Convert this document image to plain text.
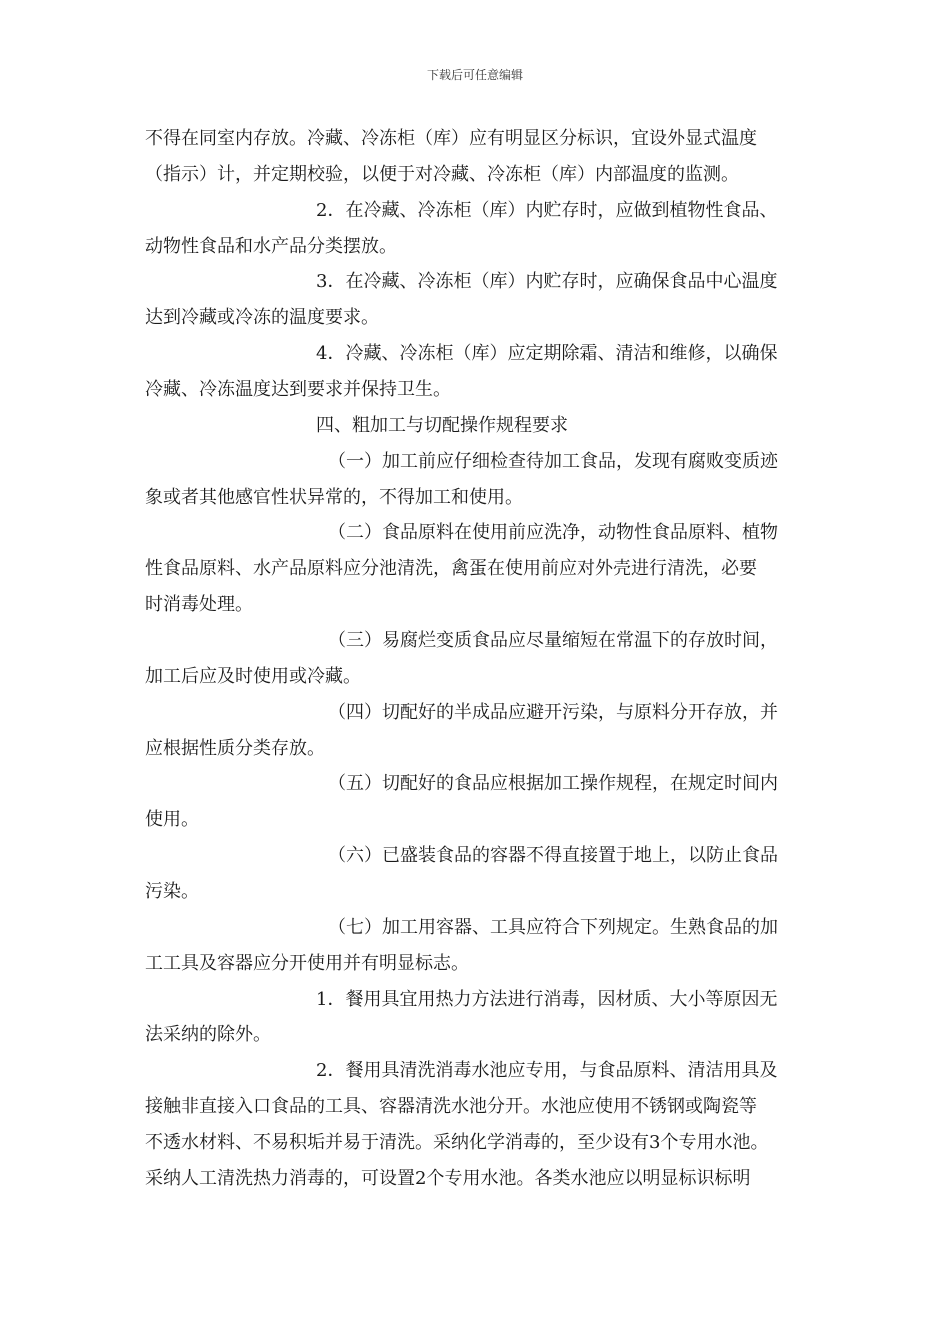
下载后可任意编辑
不得在同室内存放。冷藏、冷冻柜（库）应有明显区分标识，宜设外显式温度
（指示）计，并定期校验，以便于对冷藏、冷冻柜（库）内部温度的监测。
2．在冷藏、冷冻柜（库）内贮存时，应做到植物性食品、
动物性食品和水产品分类摆放。
3．在冷藏、冷冻柜（库）内贮存时，应确保食品中心温度
达到冷藏或冷冻的温度要求。
4．冷藏、冷冻柜（库）应定期除霜、清洁和维修，以确保
冷藏、冷冻温度达到要求并保持卫生。
四、粗加工与切配操作规程要求
（一）加工前应仔细检查待加工食品，发现有腐败变质迹
象或者其他感官性状异常的，不得加工和使用。
（二）食品原料在使用前应洗净，动物性食品原料、植物
性食品原料、水产品原料应分池清洗，禽蛋在使用前应对外壳进行清洗，必要
时消毒处理。
（三）易腐烂变质食品应尽量缩短在常温下的存放时间，
加工后应及时使用或冷藏。
（四）切配好的半成品应避开污染，与原料分开存放，并
应根据性质分类存放。
（五）切配好的食品应根据加工操作规程，在规定时间内
使用。
（六）已盛装食品的容器不得直接置于地上，以防止食品
污染。
（七）加工用容器、工具应符合下列规定。生熟食品的加
工工具及容器应分开使用并有明显标志。
1．餐用具宜用热力方法进行消毒，因材质、大小等原因无
法采纳的除外。
2．餐用具清洗消毒水池应专用，与食品原料、清洁用具及
接触非直接入口食品的工具、容器清洗水池分开。水池应使用不锈钢或陶瓷等
不透水材料、不易积垢并易于清洗。采纳化学消毒的，至少设有3个专用水池。
采纳人工清洗热力消毒的，可设置2个专用水池。各类水池应以明显标识标明
